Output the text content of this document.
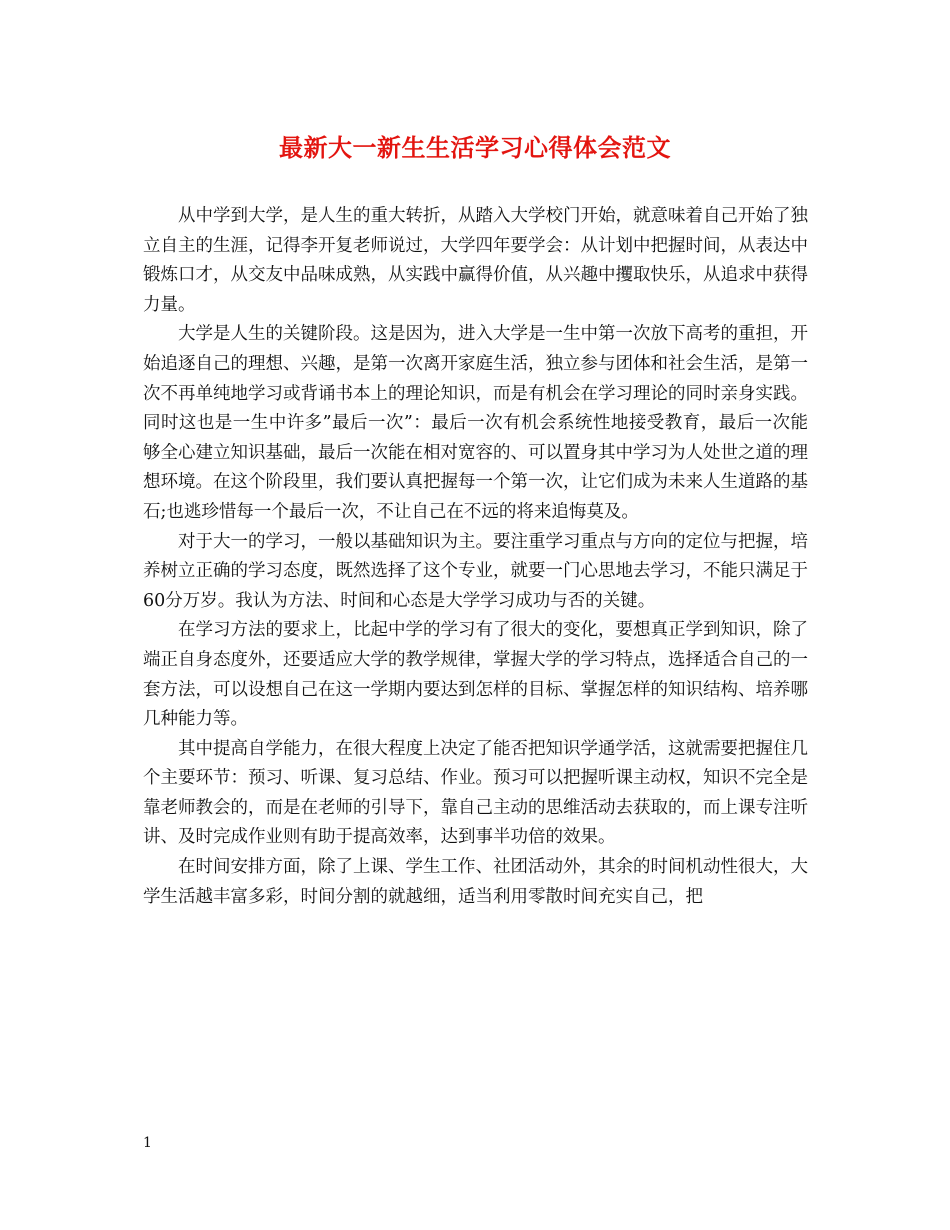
最新大一新生生活学习心得体会范文

从中学到大学，是人生的重大转折，从踏入大学校门开始，就意味着自己开始了独立自主的生涯，记得李开复老师说过，大学四年要学会：从计划中把握时间，从表达中锻炼口才，从交友中品味成熟，从实践中赢得价值，从兴趣中攫取快乐，从追求中获得力量。

大学是人生的关键阶段。这是因为，进入大学是一生中第一次放下高考的重担，开始追逐自己的理想、兴趣，是第一次离开家庭生活，独立参与团体和社会生活，是第一次不再单纯地学习或背诵书本上的理论知识，而是有机会在学习理论的同时亲身实践。同时这也是一生中许多”最后一次”：最后一次有机会系统性地接受教育，最后一次能够全心建立知识基础，最后一次能在相对宽容的、可以置身其中学习为人处世之道的理想环境。在这个阶段里，我们要认真把握每一个第一次，让它们成为未来人生道路的基石;也逃珍惜每一个最后一次，不让自己在不远的将来追悔莫及。

对于大一的学习，一般以基础知识为主。要注重学习重点与方向的定位与把握，培养树立正确的学习态度，既然选择了这个专业，就要一门心思地去学习，不能只满足于60分万岁。我认为方法、时间和心态是大学学习成功与否的关键。

在学习方法的要求上，比起中学的学习有了很大的变化，要想真正学到知识，除了端正自身态度外，还要适应大学的教学规律，掌握大学的学习特点，选择适合自己的一套方法，可以设想自己在这一学期内要达到怎样的目标、掌握怎样的知识结构、培养哪几种能力等。

其中提高自学能力，在很大程度上决定了能否把知识学通学活，这就需要把握住几个主要环节：预习、听课、复习总结、作业。预习可以把握听课主动权，知识不完全是靠老师教会的，而是在老师的引导下，靠自己主动的思维活动去获取的，而上课专注听讲、及时完成作业则有助于提高效率，达到事半功倍的效果。

在时间安排方面，除了上课、学生工作、社团活动外，其余的时间机动性很大，大学生活越丰富多彩，时间分割的就越细，适当利用零散时间充实自己，把

1
